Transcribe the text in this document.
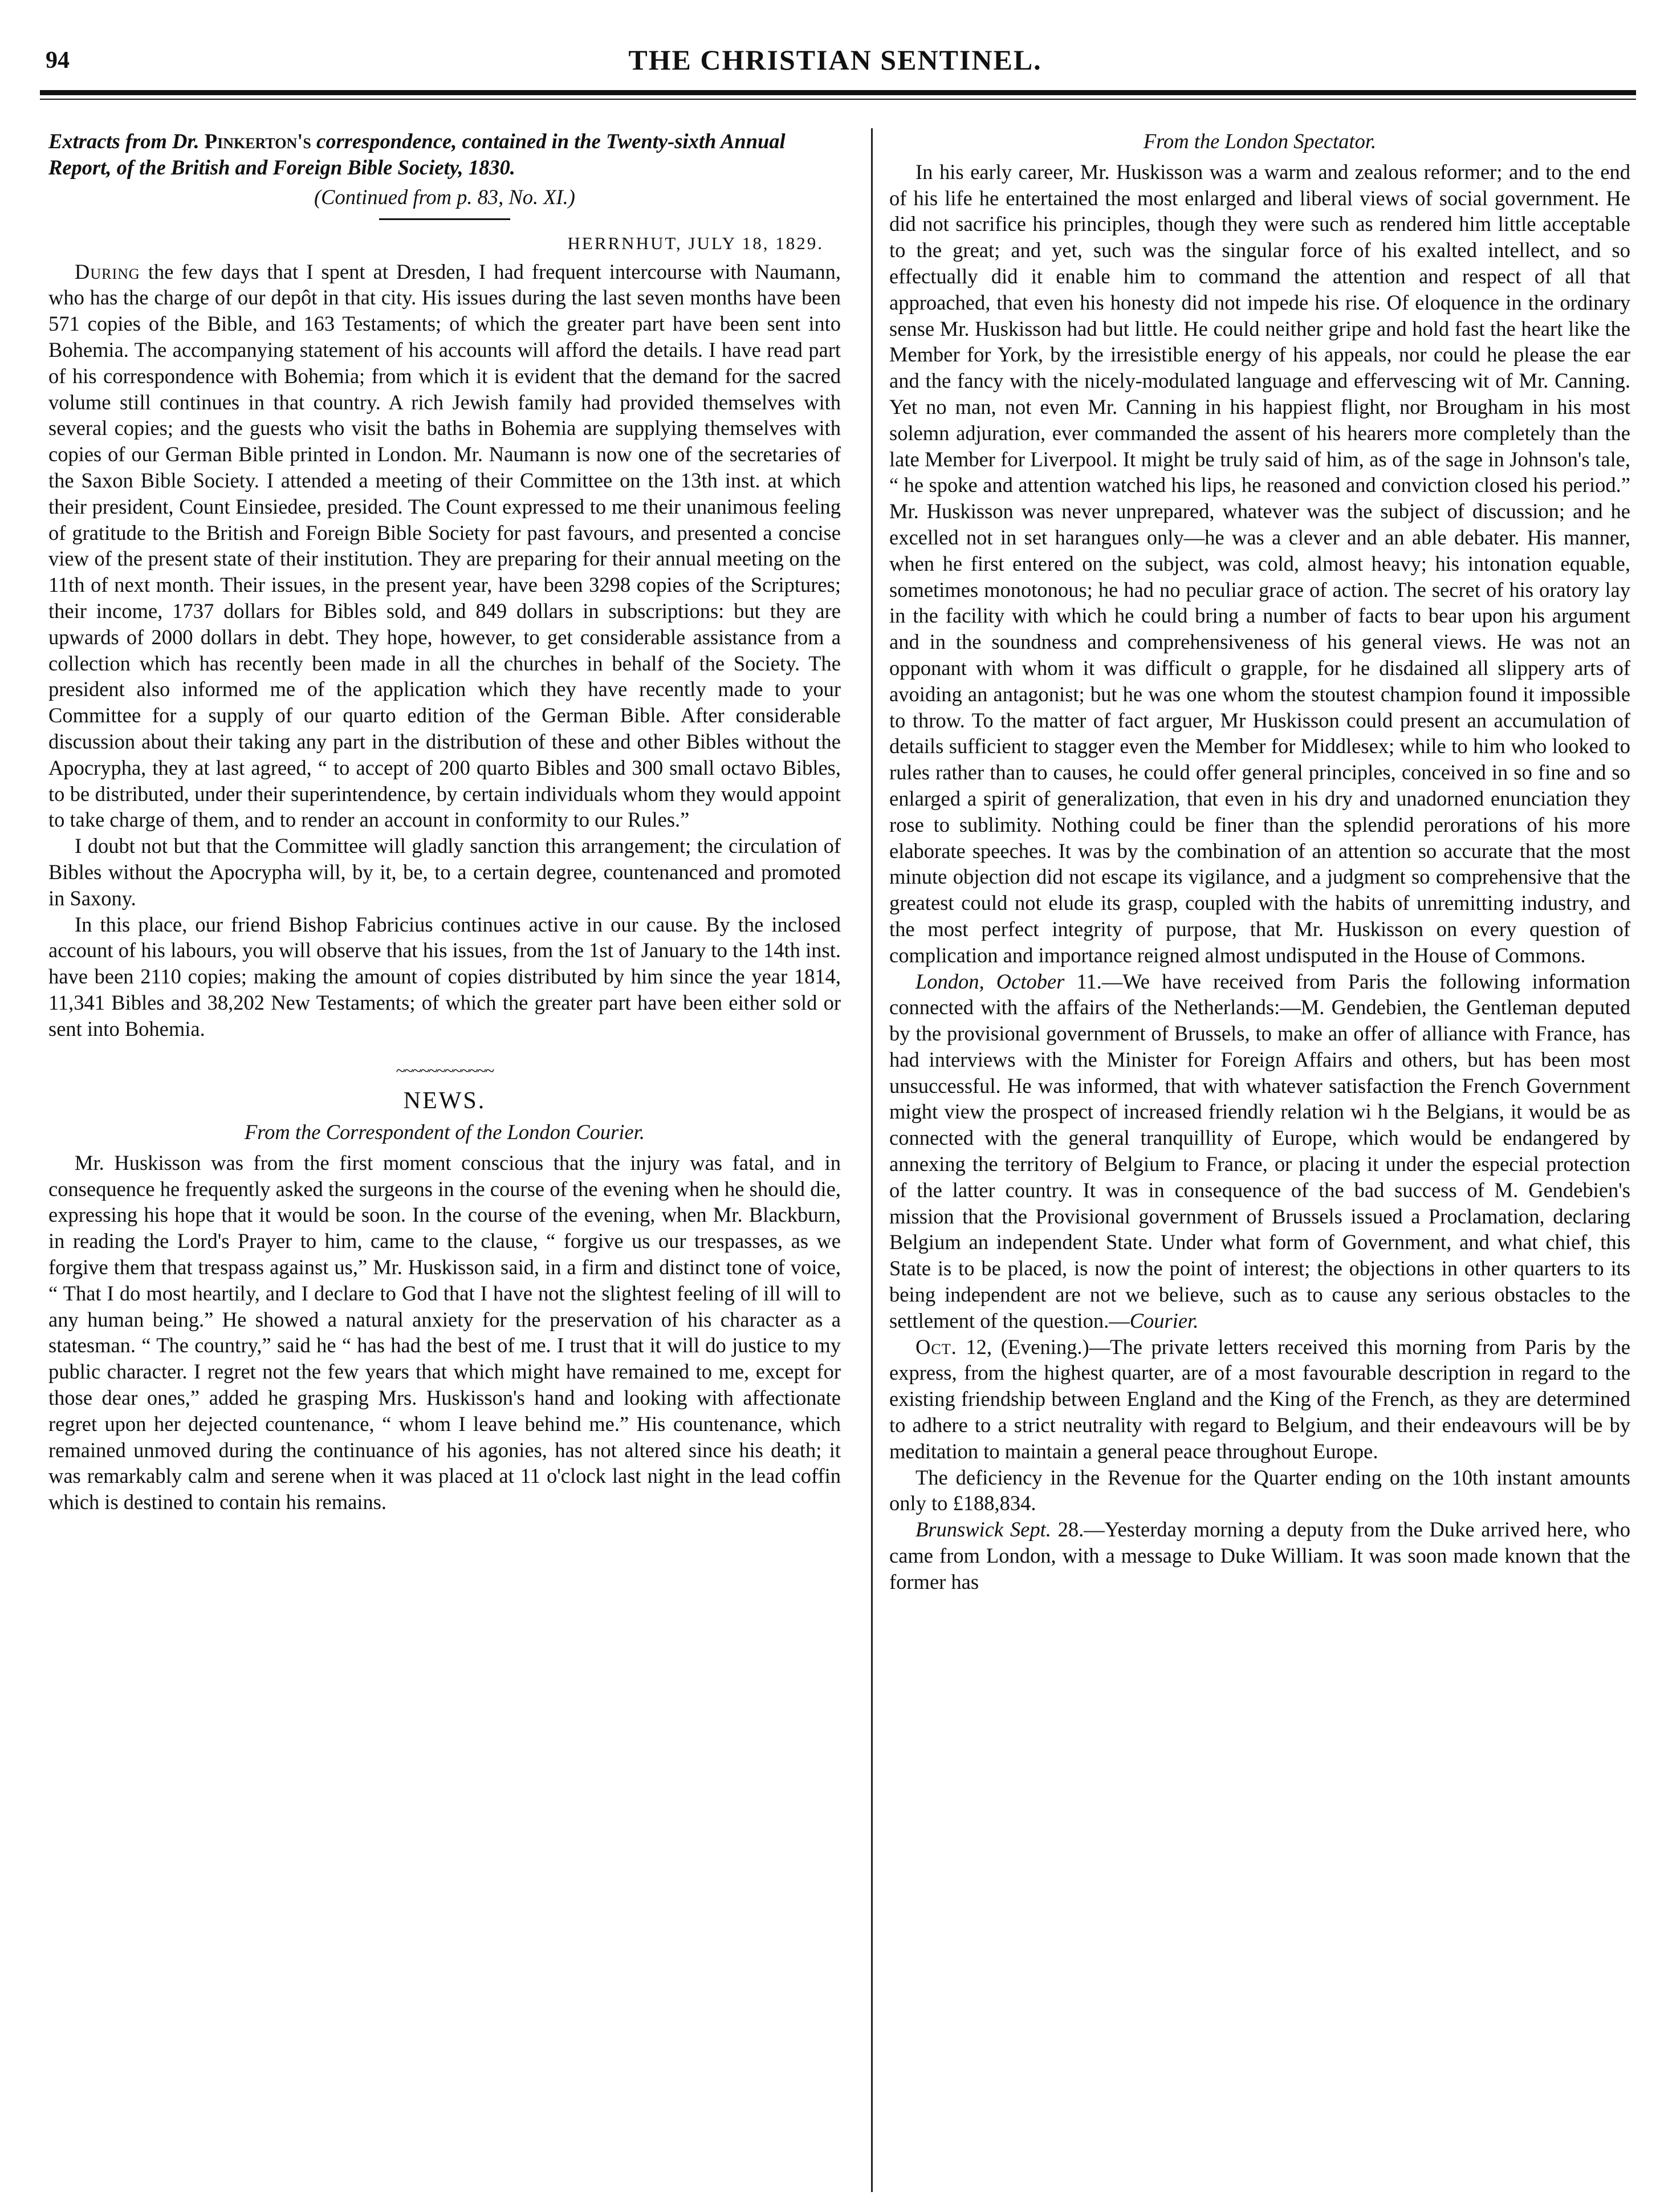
94	THE CHRISTIAN SENTINEL.
Extracts from Dr. Pinkerton's correspondence, contained in the Twenty-sixth Annual Report, of the British and Foreign Bible Society, 1830.
(Continued from p. 83, No. XI.)
HERRNHUT, JULY 18, 1829.

During the few days that I spent at Dresden, I had frequent intercourse with Naumann, who has the charge of our depôt in that city. His issues during the last seven months have been 571 copies of the Bible, and 163 Testaments; of which the greater part have been sent into Bohemia. The accompanying statement of his accounts will afford the details. I have read part of his correspondence with Bohemia; from which it is evident that the demand for the sacred volume still continues in that country. A rich Jewish family had provided themselves with several copies; and the guests who visit the baths in Bohemia are supplying themselves with copies of our German Bible printed in London. Mr. Naumann is now one of the secretaries of the Saxon Bible Society. I attended a meeting of their Committee on the 13th inst. at which their president, Count Einsiedee, presided. The Count expressed to me their unanimous feeling of gratitude to the British and Foreign Bible Society for past favours, and presented a concise view of the present state of their institution. They are preparing for their annual meeting on the 11th of next month. Their issues, in the present year, have been 3298 copies of the Scriptures; their income, 1737 dollars for Bibles sold, and 849 dollars in subscriptions: but they are upwards of 2000 dollars in debt. They hope, however, to get considerable assistance from a collection which has recently been made in all the churches in behalf of the Society. The president also informed me of the application which they have recently made to your Committee for a supply of our quarto edition of the German Bible. After considerable discussion about their taking any part in the distribution of these and other Bibles without the Apocrypha, they at last agreed, “ to accept of 200 quarto Bibles and 300 small octavo Bibles, to be distributed, under their superintendence, by certain individuals whom they would appoint to take charge of them, and to render an account in conformity to our Rules.”

I doubt not but that the Committee will gladly sanction this arrangement; the circulation of Bibles without the Apocrypha will, by it, be, to a certain degree, countenanced and promoted in Saxony.

In this place, our friend Bishop Fabricius continues active in our cause. By the inclosed account of his labours, you will observe that his issues, from the 1st of January to the 14th inst. have been 2110 copies; making the amount of copies distributed by him since the year 1814, 11,341 Bibles and 38,202 New Testaments; of which the greater part have been either sold or sent into Bohemia.

~~~~~~~~~~~~
NEWS.
From the Correspondent of the London Courier.

Mr. Huskisson was from the first moment conscious that the injury was fatal, and in consequence he frequently asked the surgeons in the course of the evening when he should die, expressing his hope that it would be soon. In the course of the evening, when Mr. Blackburn, in reading the Lord's Prayer to him, came to the clause, “ forgive us our trespasses, as we forgive them that trespass against us,” Mr. Huskisson said, in a firm and distinct tone of voice, “ That I do most heartily, and I declare to God that I have not the slightest feeling of ill will to any human being.” He showed a natural anxiety for the preservation of his character as a statesman. “ The country,” said he “ has had the best of me. I trust that it will do justice to my public character. I regret not the few years that which might have remained to me, except for those dear ones,” added he grasping Mrs. Huskisson's hand and looking with affectionate regret upon her dejected countenance, “ whom I leave behind me.” His countenance, which remained unmoved during the continuance of his agonies, has not altered since his death; it was remarkably calm and serene when it was placed at 11 o'clock last night in the lead coffin which is destined to contain his remains.

From the London Spectator.

In his early career, Mr. Huskisson was a warm and zealous reformer; and to the end of his life he entertained the most enlarged and liberal views of social government. He did not sacrifice his principles, though they were such as rendered him little acceptable to the great; and yet, such was the singular force of his exalted intellect, and so effectually did it enable him to command the attention and respect of all that approached, that even his honesty did not impede his rise. Of eloquence in the ordinary sense Mr. Huskisson had but little. He could neither gripe and hold fast the heart like the Member for York, by the irresistible energy of his appeals, nor could he please the ear and the fancy with the nicely-modulated language and effervescing wit of Mr. Canning. Yet no man, not even Mr. Canning in his happiest flight, nor Brougham in his most solemn adjuration, ever commanded the assent of his hearers more completely than the late Member for Liverpool. It might be truly said of him, as of the sage in Johnson's tale, “ he spoke and attention watched his lips, he reasoned and conviction closed his period.” Mr. Huskisson was never unprepared, whatever was the subject of discussion; and he excelled not in set harangues only—he was a clever and an able debater. His manner, when he first entered on the subject, was cold, almost heavy; his intonation equable, sometimes monotonous; he had no peculiar grace of action. The secret of his oratory lay in the facility with which he could bring a number of facts to bear upon his argument and in the soundness and comprehensiveness of his general views. He was not an opponant with whom it was difficult o grapple, for he disdained all slippery arts of avoiding an antagonist; but he was one whom the stoutest champion found it impossible to throw. To the matter of fact arguer, Mr Huskisson could present an accumulation of details sufficient to stagger even the Member for Middlesex; while to him who looked to rules rather than to causes, he could offer general principles, conceived in so fine and so enlarged a spirit of generalization, that even in his dry and unadorned enunciation they rose to sublimity. Nothing could be finer than the splendid perorations of his more elaborate speeches. It was by the combination of an attention so accurate that the most minute objection did not escape its vigilance, and a judgment so comprehensive that the greatest could not elude its grasp, coupled with the habits of unremitting industry, and the most perfect integrity of purpose, that Mr. Huskisson on every question of complication and importance reigned almost undisputed in the House of Commons.

London, October 11.—We have received from Paris the following information connected with the affairs of the Netherlands:—M. Gendebien, the Gentleman deputed by the provisional government of Brussels, to make an offer of alliance with France, has had interviews with the Minister for Foreign Affairs and others, but has been most unsuccessful. He was informed, that with whatever satisfaction the French Government might view the prospect of increased friendly relation wi h the Belgians, it would be as connected with the general tranquillity of Europe, which would be endangered by annexing the territory of Belgium to France, or placing it under the especial protection of the latter country. It was in consequence of the bad success of M. Gendebien's mission that the Provisional government of Brussels issued a Proclamation, declaring Belgium an independent State. Under what form of Government, and what chief, this State is to be placed, is now the point of interest; the objections in other quarters to its being independent are not we believe, such as to cause any serious obstacles to the settlement of the question.—Courier.

Oct. 12, (Evening.)—The private letters received this morning from Paris by the express, from the highest quarter, are of a most favourable description in regard to the existing friendship between England and the King of the French, as they are determined to adhere to a strict neutrality with regard to Belgium, and their endeavours will be by meditation to maintain a general peace throughout Europe.

The deficiency in the Revenue for the Quarter ending on the 10th instant amounts only to £188,834.

Brunswick Sept. 28.—Yesterday morning a deputy from the Duke arrived here, who came from London, with a message to Duke William. It was soon made known that the former has
